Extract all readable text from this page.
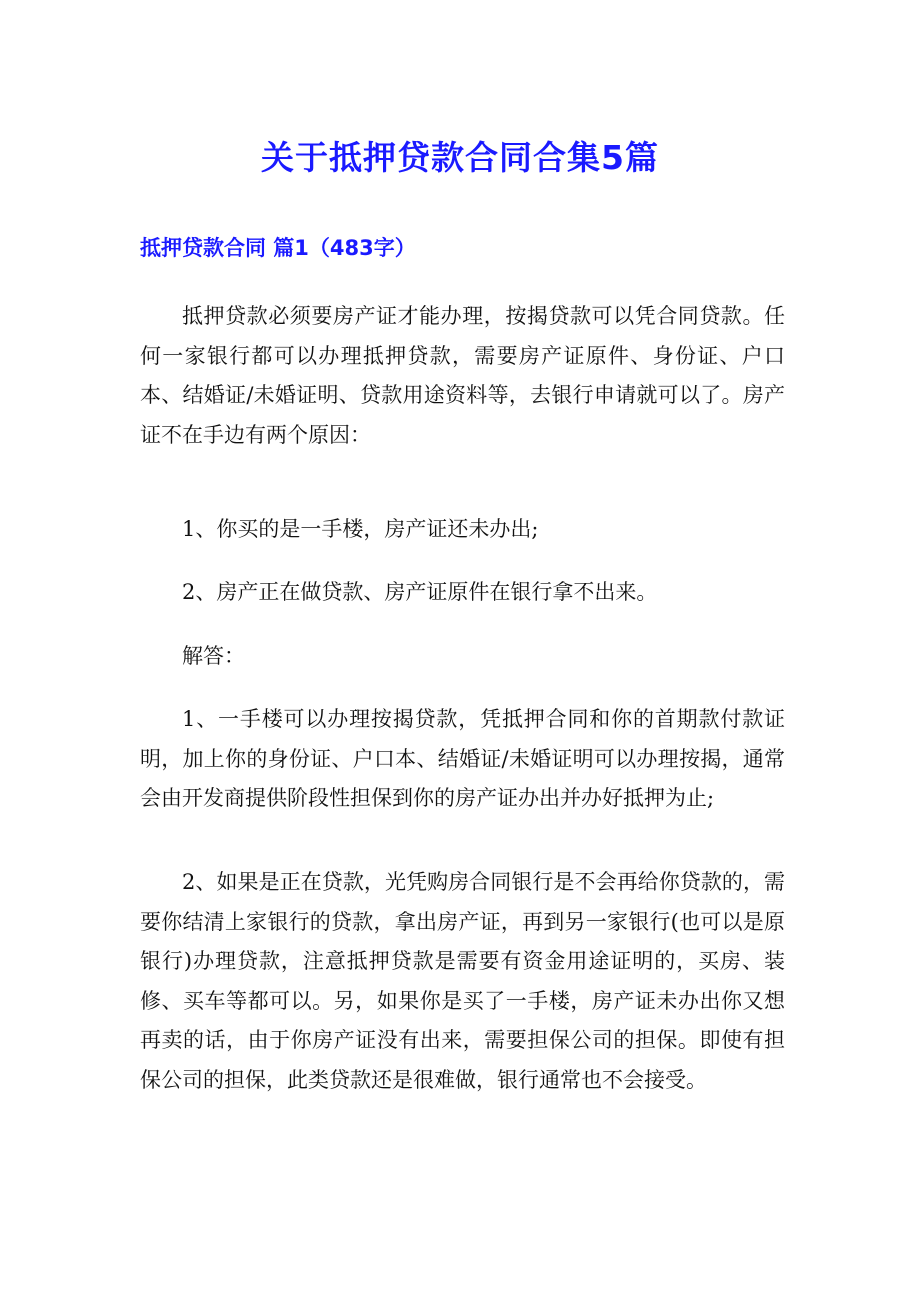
关于抵押贷款合同合集5篇
抵押贷款合同 篇1（483字）

抵押贷款必须要房产证才能办理，按揭贷款可以凭合同贷款。任何一家银行都可以办理抵押贷款，需要房产证原件、身份证、户口本、结婚证/未婚证明、贷款用途资料等，去银行申请就可以了。房产证不在手边有两个原因：

1、你买的是一手楼，房产证还未办出;

2、房产正在做贷款、房产证原件在银行拿不出来。

解答：

1、一手楼可以办理按揭贷款，凭抵押合同和你的首期款付款证明，加上你的身份证、户口本、结婚证/未婚证明可以办理按揭，通常会由开发商提供阶段性担保到你的房产证办出并办好抵押为止;

2、如果是正在贷款，光凭购房合同银行是不会再给你贷款的，需要你结清上家银行的贷款，拿出房产证，再到另一家银行(也可以是原银行)办理贷款，注意抵押贷款是需要有资金用途证明的，买房、装修、买车等都可以。另，如果你是买了一手楼，房产证未办出你又想再卖的话，由于你房产证没有出来，需要担保公司的担保。即使有担保公司的担保，此类贷款还是很难做，银行通常也不会接受。
